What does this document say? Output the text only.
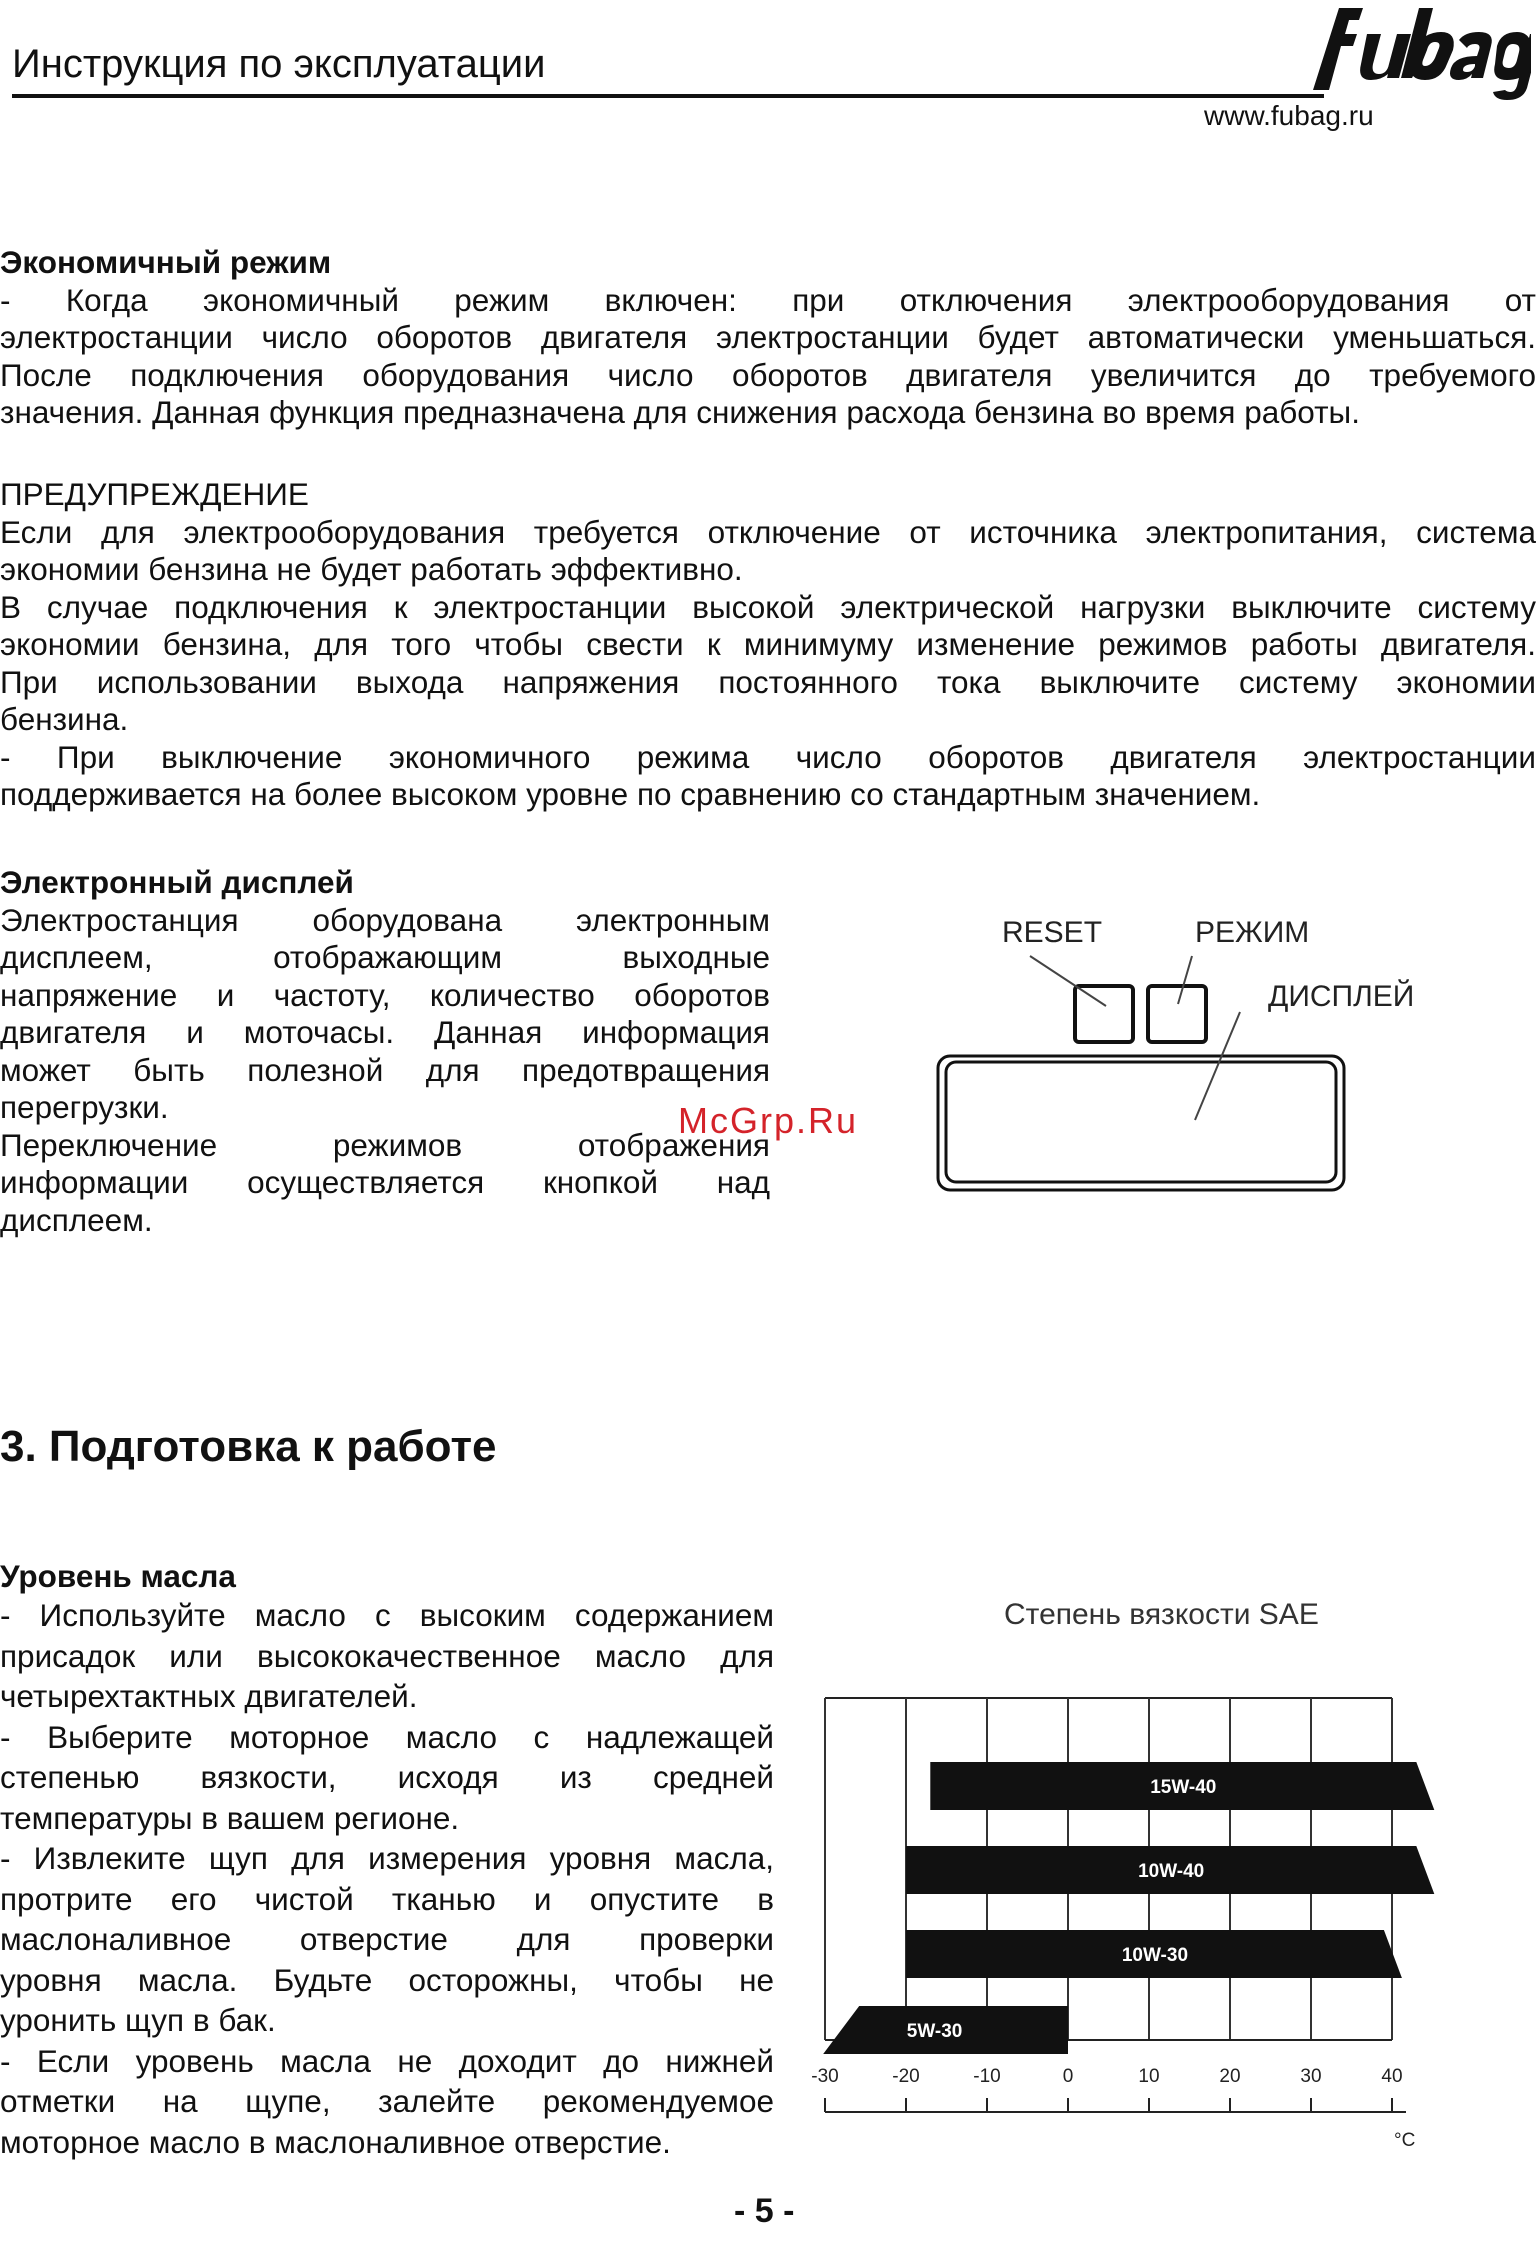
Инструкция по эксплуатации
www.fubag.ru

Экономичный режим

- Когда экономичный режим включен: при отключения электрооборудования от

электростанции число оборотов двигателя электростанции будет автоматически уменьшаться.

После подключения оборудования число оборотов двигателя увеличится до требуемого

значения. Данная функция предназначена для снижения расхода бензина во время работы.

ПРЕДУПРЕЖДЕНИЕ

Если для электрооборудования требуется отключение от источника электропитания, система

экономии бензина не будет работать эффективно.

В случае подключения к электростанции высокой электрической нагрузки выключите систему

экономии бензина, для того чтобы свести к минимуму изменение режимов работы двигателя.

При использовании выхода напряжения постоянного тока выключите систему экономии

бензина.

- При выключение экономичного режима число оборотов двигателя электростанции

поддерживается на более высоком уровне по сравнению со стандартным значением.

Электронный дисплей

Электростанция оборудована электронным

дисплеем, отображающим выходные

напряжение и частоту, количество оборотов

двигателя и моточасы. Данная информация

может быть полезной для предотвращения

перегрузки.

Переключение режимов отображения

информации осуществляется кнопкой над

дисплеем.

RESET	РЕЖИМ
ДИСПЛЕЙ
McGrp.Ru
3. Подготовка к работе

Уровень масла

- Используйте масло с высоким содержанием

присадок или высококачественное масло для

четырехтактных двигателей.

- Выберите моторное масло с надлежащей

степенью вязкости, исходя из средней

температуры в вашем регионе.

- Извлеките щуп для измерения уровня масла,

протрите его чистой тканью и опустите в

маслоналивное отверстие для проверки

уровня масла. Будьте осторожны, чтобы не

уронить щуп в бак.

- Если уровень масла не доходит до нижней

отметки на щупе, залейте рекомендуемое

моторное масло в маслоналивное отверстие.

Степень вязкости SAE
15W-40
10W-40
10W-30
5W-30
-30	-20	-10	0	10	20	30	40
°C
- 5 -
